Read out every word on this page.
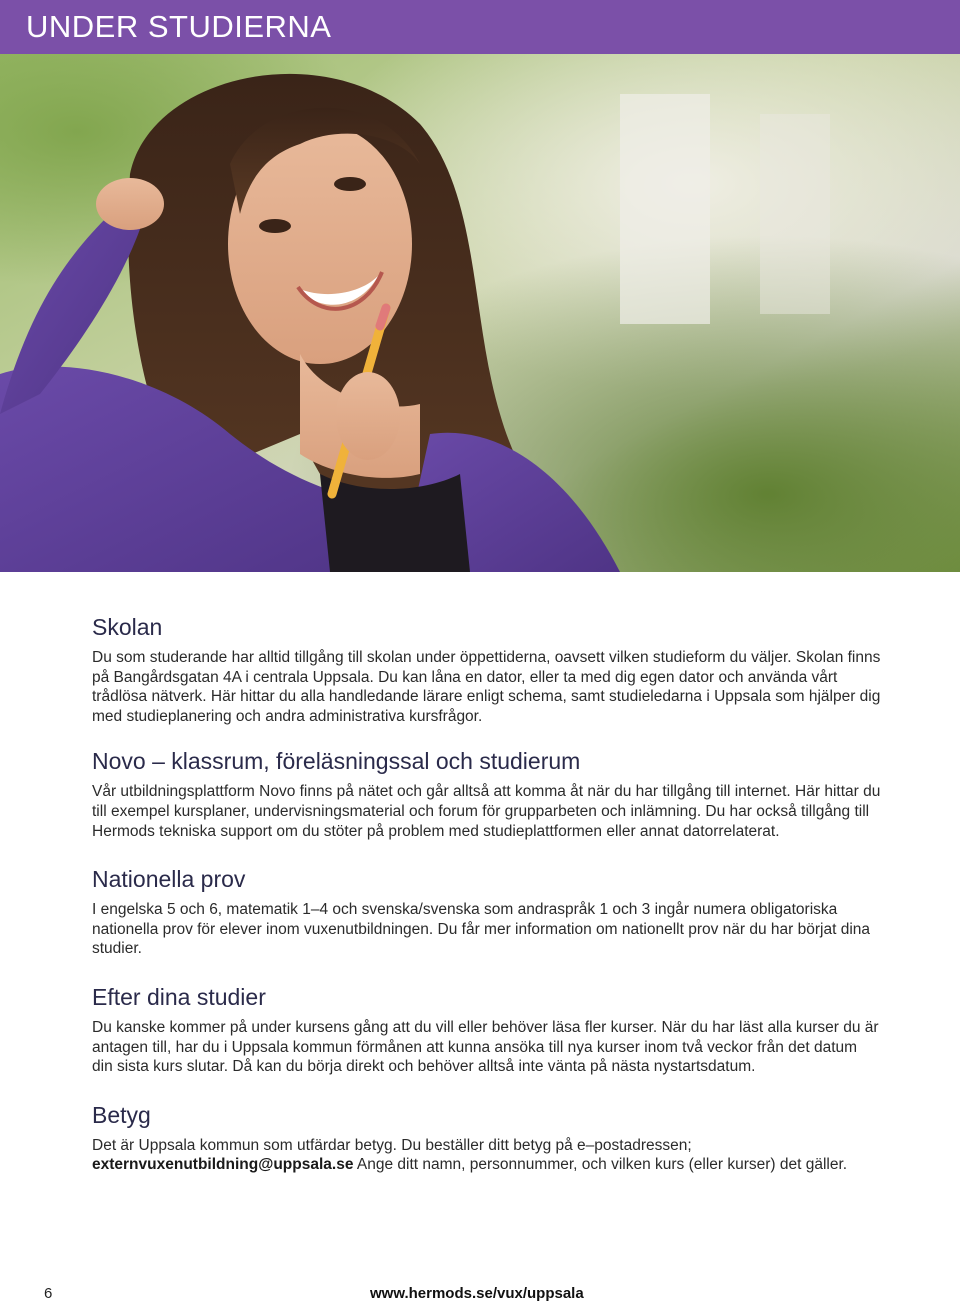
UNDER STUDIERNA
Skolan

Du som studerande har alltid tillgång till skolan under öppettiderna, oavsett vilken studieform du väljer. Skolan finns på Bangårdsgatan 4A i centrala Uppsala. Du kan låna en dator, eller ta med dig egen dator och använda vårt trådlösa nätverk. Här hittar du alla handledande lärare enligt schema, samt studieledarna i Uppsala som hjälper dig med studieplanering och andra administrativa kursfrågor.

Novo – klassrum, föreläsningssal och studierum

Vår utbildningsplattform Novo finns på nätet och går alltså att komma åt när du har tillgång till internet. Här hittar du till exempel kursplaner, undervisningsmaterial och forum för grupparbeten och inlämning. Du har också tillgång till Hermods tekniska support om du stöter på problem med studieplattformen eller annat datorrelaterat.

Nationella prov

I engelska 5 och 6, matematik 1–4 och svenska/svenska som andraspråk 1 och 3 ingår numera obligatoriska nationella prov för elever inom vuxenutbildningen. Du får mer information om nationellt prov när du har börjat dina studier.

Efter dina studier

Du kanske kommer på under kursens gång att du vill eller behöver läsa fler kurser. När du har läst alla kurser du är antagen till, har du i Uppsala kommun förmånen att kunna ansöka till nya kurser inom två veckor från det datum din sista kurs slutar. Då kan du börja direkt och behöver alltså inte vänta på nästa nystartsdatum.

Betyg

Det är Uppsala kommun som utfärdar betyg. Du beställer ditt betyg på e–postadressen;
externvuxenutbildning@uppsala.se Ange ditt namn, personnummer, och vilken kurs (eller kurser) det gäller.

6	www.hermods.se/vux/uppsala
